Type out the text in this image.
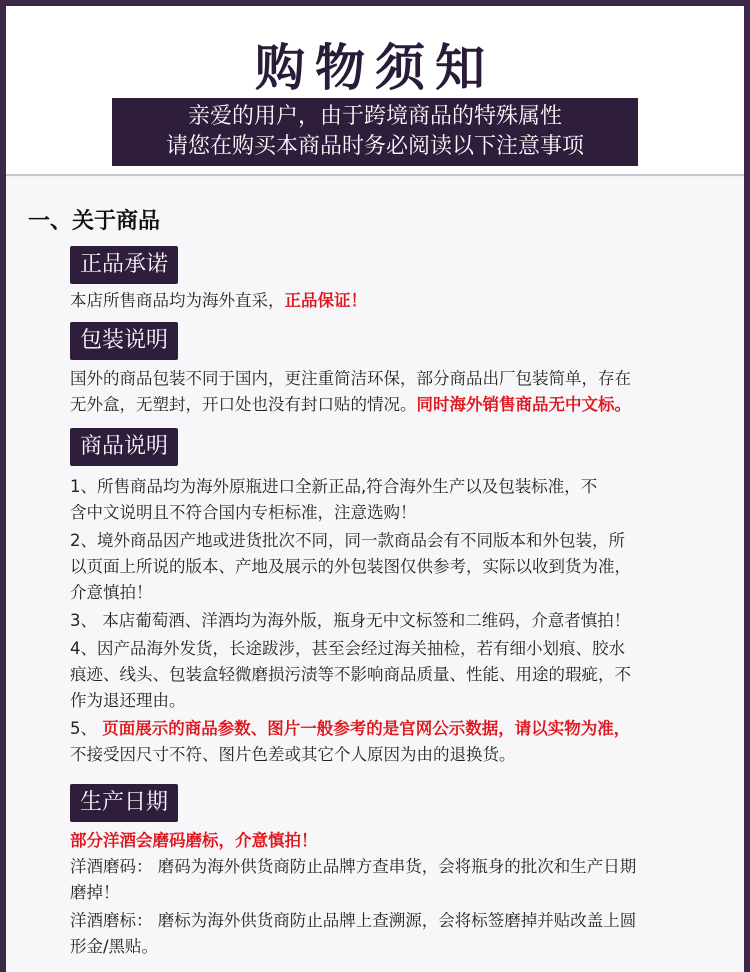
购物须知
亲爱的用户，由于跨境商品的特殊属性
请您在购买本商品时务必阅读以下注意事项
一、关于商品
正品承诺
本店所售商品均为海外直采，正品保证！
包装说明
国外的商品包装不同于国内，更注重简洁环保，部分商品出厂包装简单，存在
无外盒，无塑封，开口处也没有封口贴的情况。同时海外销售商品无中文标。
商品说明
1、所售商品均为海外原瓶进口全新正品,符合海外生产以及包装标准，不
含中文说明且不符合国内专柜标准，注意选购！
2、境外商品因产地或进货批次不同，同一款商品会有不同版本和外包装，所
以页面上所说的版本、产地及展示的外包装图仅供参考，实际以收到货为准，
介意慎拍！
3、 本店葡萄酒、洋酒均为海外版，瓶身无中文标签和二维码，介意者慎拍！
4、因产品海外发货，长途跋涉，甚至会经过海关抽检，若有细小划痕、胶水
痕迹、线头、包装盒轻微磨损污渍等不影响商品质量、性能、用途的瑕疵，不
作为退还理由。
5、 页面展示的商品参数、图片一般参考的是官网公示数据，请以实物为准，
不接受因尺寸不符、图片色差或其它个人原因为由的退换货。
生产日期
部分洋酒会磨码磨标，介意慎拍！
洋酒磨码： 磨码为海外供货商防止品牌方查串货，会将瓶身的批次和生产日期
磨掉！
洋酒磨标： 磨标为海外供货商防止品牌上查溯源，会将标签磨掉并贴改盖上圆
形金/黑贴。
